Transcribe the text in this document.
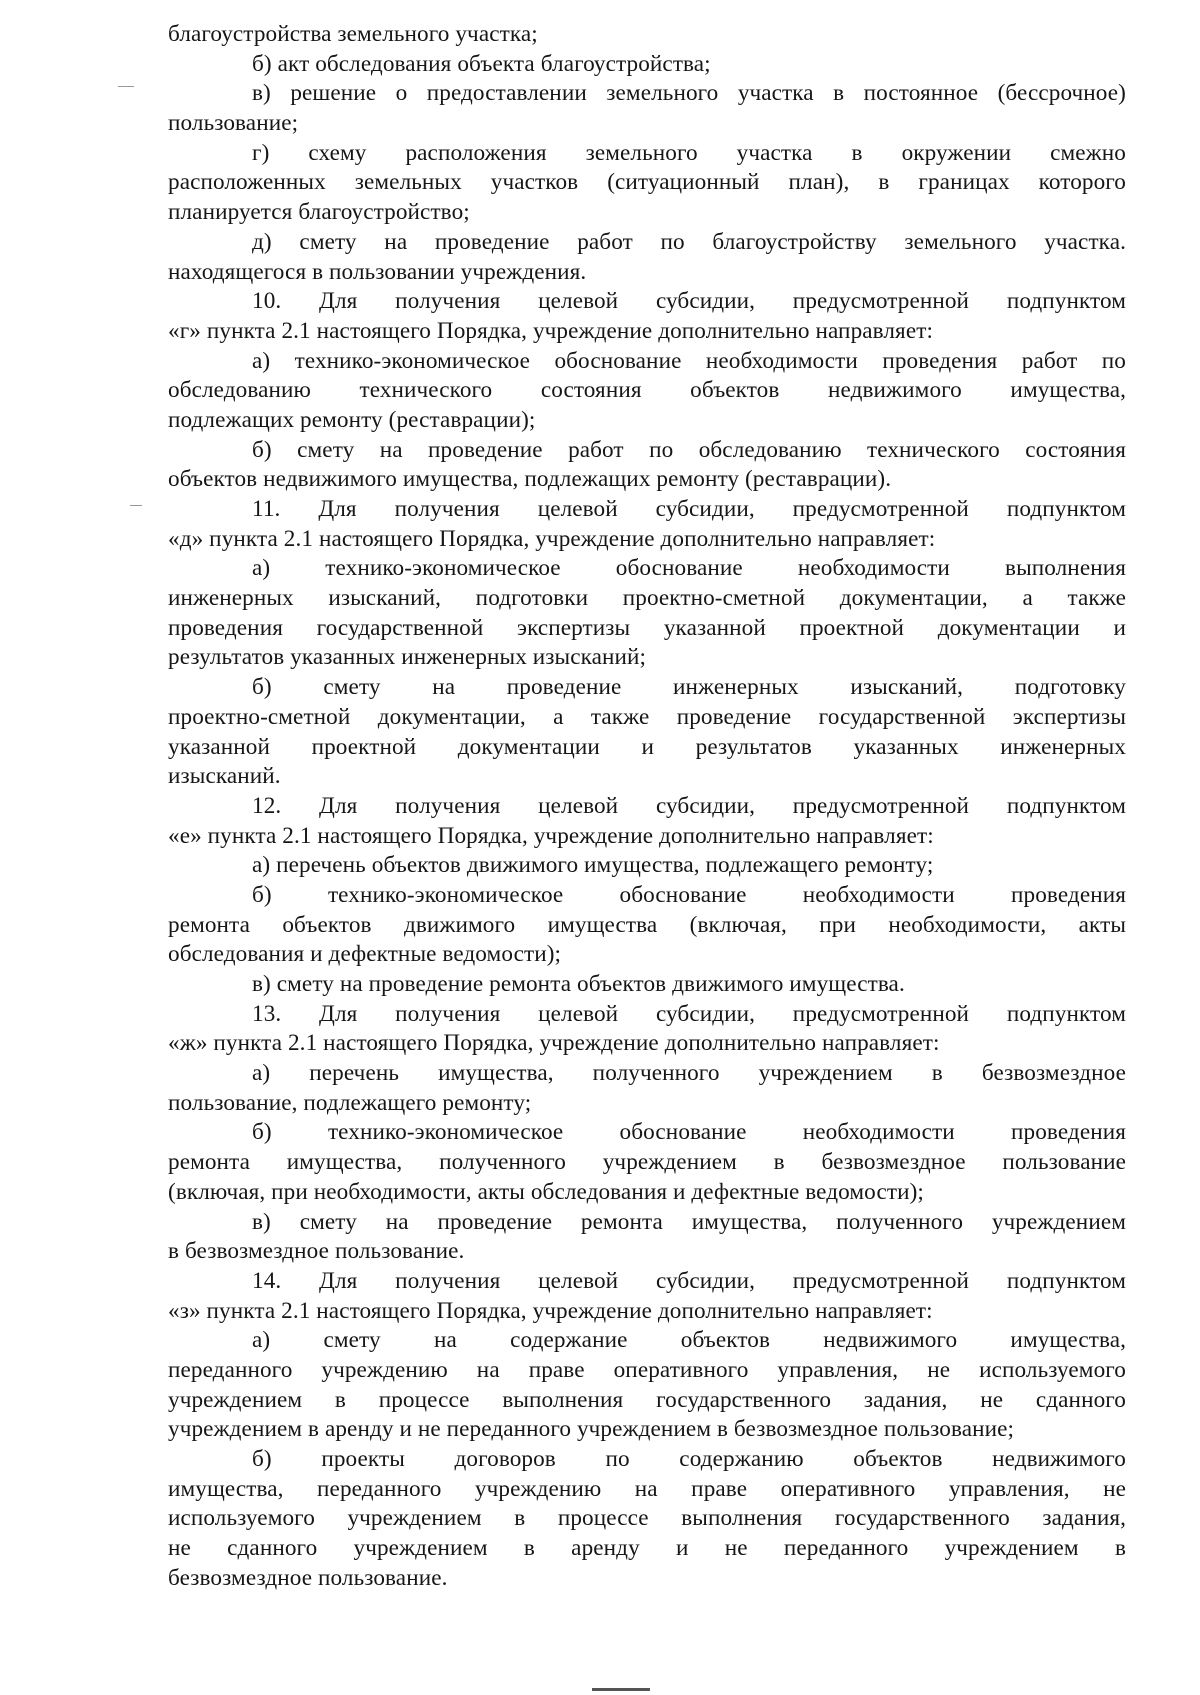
благоустройства земельного участка;
б) акт обследования объекта благоустройства;
в) решение о предоставлении земельного участка в постоянное (бессрочное)
пользование;
г) схему расположения земельного участка в окружении смежно
расположенных земельных участков (ситуационный план), в границах которого
планируется благоустройство;
д) смету на проведение работ по благоустройству земельного участка.
находящегося в пользовании учреждения.
10. Для получения целевой субсидии, предусмотренной подпунктом
«г» пункта 2.1 настоящего Порядка, учреждение дополнительно направляет:
а) технико-экономическое обоснование необходимости проведения работ по
обследованию технического состояния объектов недвижимого имущества,
подлежащих ремонту (реставрации);
б) смету на проведение работ по обследованию технического состояния
объектов недвижимого имущества, подлежащих ремонту (реставрации).
11. Для получения целевой субсидии, предусмотренной подпунктом
«д» пункта 2.1 настоящего Порядка, учреждение дополнительно направляет:
а) технико-экономическое обоснование необходимости выполнения
инженерных изысканий, подготовки проектно-сметной документации, а также
проведения государственной экспертизы указанной проектной документации и
результатов указанных инженерных изысканий;
б) смету на проведение инженерных изысканий, подготовку
проектно-сметной документации, а также проведение государственной экспертизы
указанной проектной документации и результатов указанных инженерных
изысканий.
12. Для получения целевой субсидии, предусмотренной подпунктом
«е» пункта 2.1 настоящего Порядка, учреждение дополнительно направляет:
а) перечень объектов движимого имущества, подлежащего ремонту;
б) технико-экономическое обоснование необходимости проведения
ремонта объектов движимого имущества (включая, при необходимости, акты
обследования и дефектные ведомости);
в) смету на проведение ремонта объектов движимого имущества.
13. Для получения целевой субсидии, предусмотренной подпунктом
«ж» пункта 2.1 настоящего Порядка, учреждение дополнительно направляет:
а) перечень имущества, полученного учреждением в безвозмездное
пользование, подлежащего ремонту;
б) технико-экономическое обоснование необходимости проведения
ремонта имущества, полученного учреждением в безвозмездное пользование
(включая, при необходимости, акты обследования и дефектные ведомости);
в) смету на проведение ремонта имущества, полученного учреждением
в безвозмездное пользование.
14. Для получения целевой субсидии, предусмотренной подпунктом
«з» пункта 2.1 настоящего Порядка, учреждение дополнительно направляет:
а) смету на содержание объектов недвижимого имущества,
переданного учреждению на праве оперативного управления, не используемого
учреждением в процессе выполнения государственного задания, не сданного
учреждением в аренду и не переданного учреждением в безвозмездное пользование;
б) проекты договоров по содержанию объектов недвижимого
имущества, переданного учреждению на праве оперативного управления, не
используемого учреждением в процессе выполнения государственного задания,
не сданного учреждением в аренду и не переданного учреждением в
безвозмездное пользование.
